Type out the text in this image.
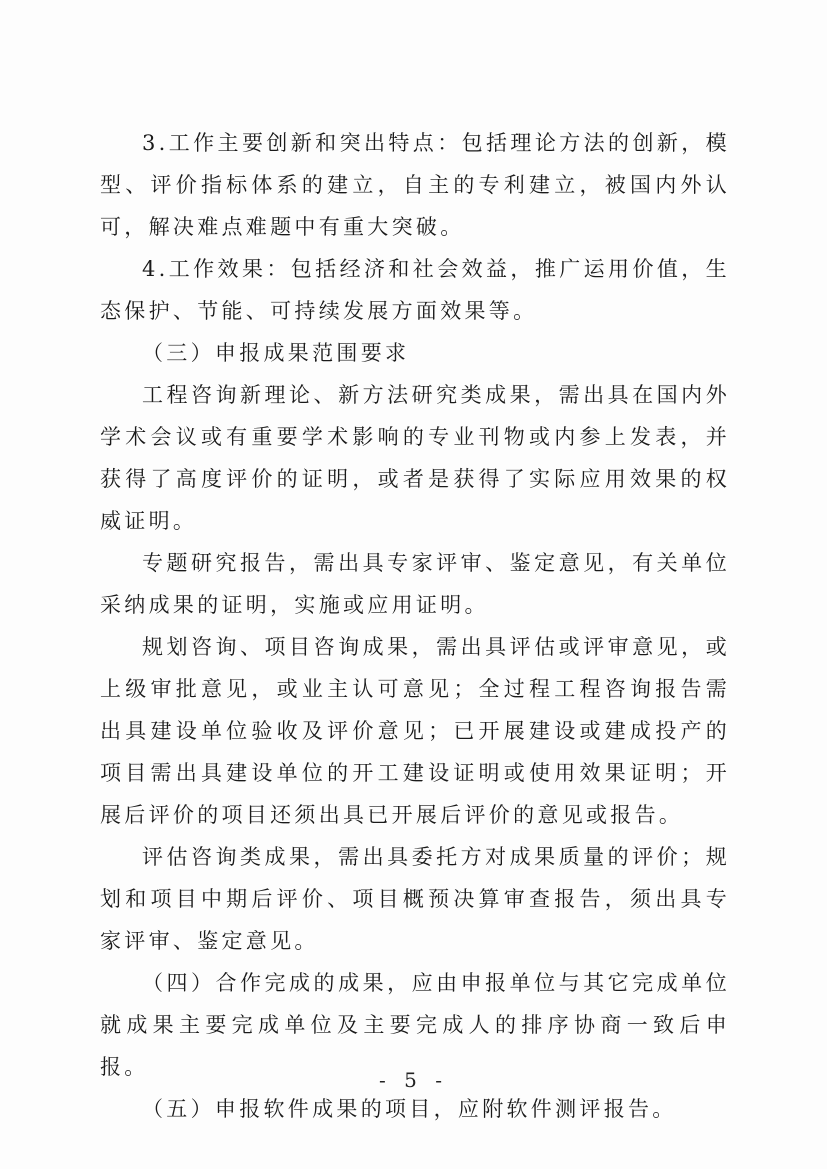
3.工作主要创新和突出特点：包括理论方法的创新，模型、评价指标体系的建立，自主的专利建立，被国内外认可，解决难点难题中有重大突破。

4.工作效果：包括经济和社会效益，推广运用价值，生态保护、节能、可持续发展方面效果等。

（三）申报成果范围要求

工程咨询新理论、新方法研究类成果，需出具在国内外学术会议或有重要学术影响的专业刊物或内参上发表，并获得了高度评价的证明，或者是获得了实际应用效果的权威证明。

专题研究报告，需出具专家评审、鉴定意见，有关单位采纳成果的证明，实施或应用证明。

规划咨询、项目咨询成果，需出具评估或评审意见，或上级审批意见，或业主认可意见；全过程工程咨询报告需出具建设单位验收及评价意见；已开展建设或建成投产的项目需出具建设单位的开工建设证明或使用效果证明；开展后评价的项目还须出具已开展后评价的意见或报告。

评估咨询类成果，需出具委托方对成果质量的评价；规划和项目中期后评价、项目概预决算审查报告，须出具专家评审、鉴定意见。

（四）合作完成的成果，应由申报单位与其它完成单位就成果主要完成单位及主要完成人的排序协商一致后申报。

（五）申报软件成果的项目，应附软件测评报告。

- 5 -
